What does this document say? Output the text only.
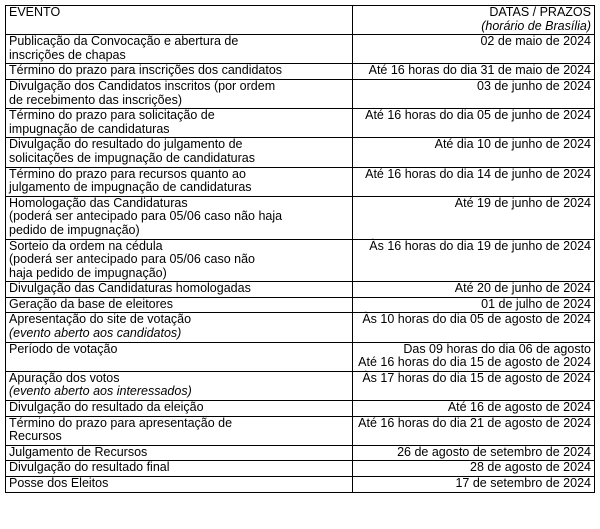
EVENTO	DATAS / PRAZOS
(horário de Brasília)

Publicação da Convocação e abertura de
inscrições de chapas	02 de maio de 2024

Término do prazo para inscrições dos candidatos	Até 16 horas do dia 31 de maio de 2024

Divulgação dos Candidatos inscritos (por ordem
de recebimento das inscrições)	03 de junho de 2024

Término do prazo para solicitação de
impugnação de candidaturas	Até 16 horas do dia 05 de junho de 2024

Divulgação do resultado do julgamento de
solicitações de impugnação de candidaturas	Até dia 10 de junho de 2024

Término do prazo para recursos quanto ao
julgamento de impugnação de candidaturas	Até 16 horas do dia 14 de junho de 2024

Homologação das Candidaturas
(poderá ser antecipado para 05/06 caso não haja
pedido de impugnação)	Até 19 de junho de 2024

Sorteio da ordem na cédula
(poderá ser antecipado para 05/06 caso não
haja pedido de impugnação)	Às 16 horas do dia 19 de junho de 2024

Divulgação das Candidaturas homologadas	Até 20 de junho de 2024

Geração da base de eleitores	01 de julho de 2024

Apresentação do site de votação
(evento aberto aos candidatos)	Às 10 horas do dia 05 de agosto de 2024

Período de votação	Das 09 horas do dia 06 de agosto
Até 16 horas do dia 15 de agosto de 2024

Apuração dos votos
(evento aberto aos interessados)	Às 17 horas do dia 15 de agosto de 2024

Divulgação do resultado da eleição	Até 16 de agosto de 2024

Término do prazo para apresentação de
Recursos	Até 16 horas do dia 21 de agosto de 2024

Julgamento de Recursos	26 de agosto de setembro de 2024

Divulgação do resultado final	28 de agosto de 2024

Posse dos Eleitos	17 de setembro de 2024
